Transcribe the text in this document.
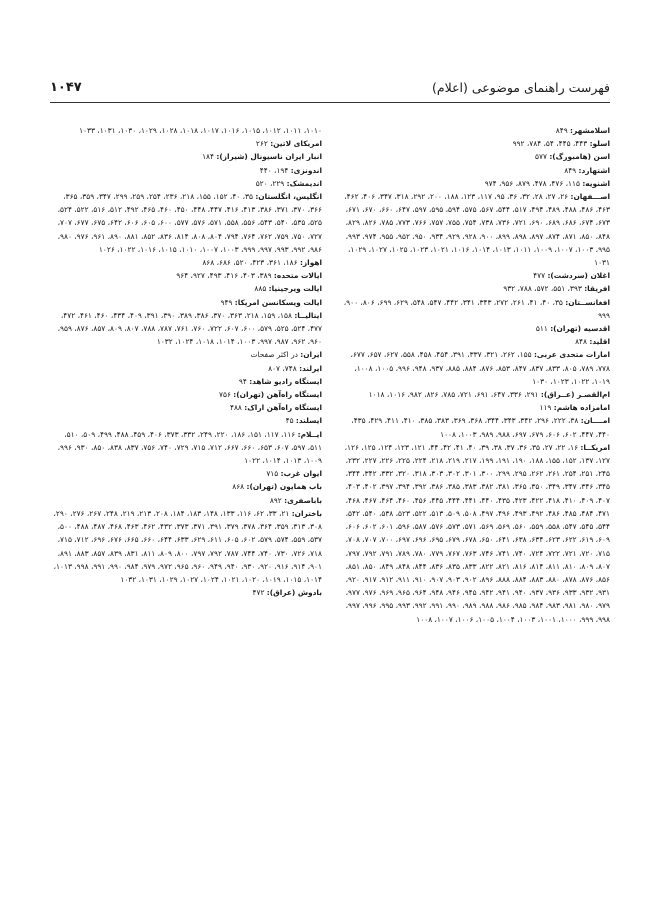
فهرست راهنمای موضوعی (اعلام)
۱۰۴۷

اسلامشهر: ۸۴۹

اسلو: ۴۴۳، ۴۴۵، ۵۴، ۷۸۴، ۹۹۲

اسن (هامبورگ): ۵۷۷

اشتهارد: ۸۴۹

اشنویه: ۱۱۵، ۴۷۶، ۴۷۸، ۸۷۹، ۹۵۶، ۹۷۴

اصـــفهان: ۲۶، ۲۷، ۲۸، ۳۲، ۳۶، ۹۵، ۱۱۷، ۱۲۳، ۱۸۸، ۲۰۰، ۲۹۲، ۳۱۸، ۳۴۷، ۴۰۶، ۴۶۲، ۴۶۳، ۴۸۶، ۴۸۸، ۴۸۹، ۴۹۴، ۵۱۷، ۵۴۴، ۵۶۷، ۵۷۵، ۵۹۴، ۵۹۵، ۵۹۷، ۶۴۷، ۶۶۰، ۶۷۰، ۶۷۱، ۶۷۳، ۶۷۴، ۶۸۶، ۶۸۹، ۶۹۰، ۷۲۱، ۷۳۶، ۷۳۸، ۷۵۴، ۷۵۵، ۷۵۷، ۷۶۶، ۷۷۳، ۷۸۵، ۸۲۶، ۸۲۹، ۸۴۸، ۸۵۰، ۸۷۱، ۸۷۴، ۸۹۷، ۸۹۸، ۸۹۹، ۹۰۰، ۹۲۸، ۹۲۹، ۹۳۴، ۹۵۰، ۹۵۲، ۹۵۵، ۹۷۴، ۹۹۳، ۹۹۵، ۱۰۰۳، ۱۰۰۷، ۱۰۰۹، ۱۰۱۱، ۱۰۱۳، ۱۰۱۴، ۱۰۱۶، ۱۰۲۱، ۱۰۲۳، ۱۰۲۵، ۱۰۲۷، ۱۰۲۹، ۱۰۳۱

اغلان (سردشت): ۴۷۷

افریقا: ۳۹۳، ۵۵۱، ۵۷۲، ۷۸۸، ۹۳۲

افغانســتان: ۳۵، ۴۰، ۴۱، ۲۶۱، ۲۷۲، ۳۴۳، ۳۴۱، ۴۴۲، ۵۴۷، ۵۴۸، ۶۲۹، ۶۹۹، ۸۰۶، ۹۰۰، ۹۹۹

اقدسیه (تهران): ۵۱۱

اقلید: ۸۴۸

امارات متحدی عربی: ۱۵۵، ۲۶۲، ۳۲۱، ۳۳۷، ۳۹۱، ۴۵۴، ۴۵۸، ۵۵۸، ۶۲۷، ۶۵۷، ۶۷۷، ۷۷۸، ۷۸۹، ۸۰۵، ۸۳۳، ۸۳۷، ۸۴۷، ۸۵۳، ۸۷۶، ۸۸۴، ۸۸۵، ۹۳۷، ۹۴۸، ۹۹۶، ۱۰۰۵، ۱۰۰۸، ۱۰۱۹، ۱۰۲۲، ۱۰۲۳، ۱۰۳۰

ام‌القصـر (عــراق): ۲۹۱، ۳۳۶، ۶۴۷، ۶۹۱، ۷۲۱، ۷۸۵، ۸۲۶، ۹۸۲، ۱۰۱۶، ۱۰۱۸

امامزاده هاشم: ۱۱۹

امــــان: ۳۸، ۲۲۲، ۲۹۶، ۳۴۲، ۳۴۳، ۳۴۴، ۳۶۸، ۳۶۹، ۳۸۳، ۳۸۵، ۴۱۰، ۴۱۱، ۴۲۹، ۴۳۵، ۴۴۰، ۴۴۷، ۶۰۲، ۶۰۶، ۶۷۹، ۶۹۷، ۹۸۸، ۹۸۹، ۱۰۰۳، ۱۰۰۸

امریکــا: ۱۶، ۲۲، ۲۷، ۳۵، ۳۶، ۳۷، ۳۸، ۳۹، ۴۰، ۴۱، ۴۲، ۴۴، ۱۲۱، ۱۲۳، ۱۲۴، ۱۲۵، ۱۲۶، ۱۲۷، ۱۳۷، ۱۵۲، ۱۵۵، ۱۸۸، ۱۹۰، ۱۹۱، ۱۹۹، ۲۱۷، ۲۱۹، ۲۱۸، ۲۲۴، ۲۲۵، ۲۲۶، ۲۲۷، ۲۳۲، ۲۴۵، ۲۵۱، ۲۵۴، ۲۶۱، ۲۶۲، ۲۹۵، ۲۹۹، ۳۰۰، ۳۰۱، ۳۰۲، ۳۰۳، ۳۱۸، ۳۲۰، ۳۳۲، ۳۴۲، ۳۴۴، ۳۴۵، ۳۴۶، ۳۴۷، ۳۴۹، ۳۵۰، ۳۶۵، ۳۸۱، ۳۸۲، ۳۸۳، ۳۸۵، ۳۸۶، ۳۹۲، ۳۹۴، ۳۹۷، ۴۰۲، ۴۰۳، ۴۰۷، ۴۰۹، ۴۱۰، ۴۱۸، ۴۲۲، ۴۲۳، ۴۳۵، ۴۴۰، ۴۴۱، ۴۴۴، ۴۴۵، ۴۵۶، ۴۶۰، ۴۶۴، ۴۶۷، ۴۶۸، ۴۷۱، ۴۸۴، ۴۸۵، ۴۸۶، ۴۹۲، ۴۹۳، ۴۹۶، ۴۹۷، ۵۰۸، ۵۰۹، ۵۱۳، ۵۲۲، ۵۲۳، ۵۳۸، ۵۴۰، ۵۴۲، ۵۴۴، ۵۴۵، ۵۴۷، ۵۵۸، ۵۵۹، ۵۶۰، ۵۶۹، ۵۶۹، ۵۷۱، ۵۷۳، ۵۷۶، ۵۸۷، ۵۹۶، ۶۰۱، ۶۰۲، ۶۰۶، ۶۰۹، ۶۱۹، ۶۲۲، ۶۲۳، ۶۳۴، ۶۳۸، ۶۴۱، ۶۵۰، ۶۷۸، ۶۷۹، ۶۹۵، ۶۹۶، ۶۹۷، ۷۰۰، ۷۰۷، ۷۰۸، ۷۱۵، ۷۲۰، ۷۲۱، ۷۲۲، ۷۲۴، ۷۴۰، ۷۴۱، ۷۴۶، ۷۶۳، ۷۶۷، ۷۷۹، ۷۸۰، ۷۸۹، ۷۹۱، ۷۹۲، ۷۹۷، ۸۰۷، ۸۰۹، ۸۱۰، ۸۱۱، ۸۱۴، ۸۱۶، ۸۲۱، ۸۲۲، ۸۳۳، ۸۳۵، ۸۳۶، ۸۴۴، ۸۴۸، ۸۴۹، ۸۵۰، ۸۵۱، ۸۵۶، ۸۷۶، ۸۷۸، ۸۸۰، ۸۸۳، ۸۸۴، ۸۸۸، ۸۹۶، ۹۰۲، ۹۰۳، ۹۰۷، ۹۱۰، ۹۱۱، ۹۱۲، ۹۱۷، ۹۲۰، ۹۳۱، ۹۳۲، ۹۳۳، ۹۳۶، ۹۳۷، ۹۴۰، ۹۴۱، ۹۴۲، ۹۴۵، ۹۴۶، ۹۴۸، ۹۶۴، ۹۶۵، ۹۶۹، ۹۷۶، ۹۷۷، ۹۷۹، ۹۸۰، ۹۸۱، ۹۸۳، ۹۸۴، ۹۸۵، ۹۸۶، ۹۸۸، ۹۸۹، ۹۹۰، ۹۹۱، ۹۹۲، ۹۹۳، ۹۹۵، ۹۹۶، ۹۹۷، ۹۹۸، ۹۹۹، ۱۰۰۰، ۱۰۰۱، ۱۰۰۳، ۱۰۰۴، ۱۰۰۵، ۱۰۰۶، ۱۰۰۷، ۱۰۰۸

۱۰۱۰، ۱۰۱۱، ۱۰۱۲، ۱۰۱۵، ۱۰۱۶، ۱۰۱۷، ۱۰۱۸، ۱۰۲۸، ۱۰۲۹، ۱۰۳۰، ۱۰۳۱، ۱۰۳۳

امریکای لاتین: ۲۶۲

انبار ایران ناسیونال (شیراز): ۱۸۴

اندونزی: ۱۹۴، ۴۴۰

اندیمشک: ۲۲۹، ۵۲۰

انگلیس، انگلستان: ۳۵، ۴۰، ۱۵۲، ۱۵۵، ۲۱۸، ۲۳۶، ۲۵۴، ۲۵۹، ۲۹۹، ۳۴۷، ۳۵۹، ۳۶۵، ۳۶۶، ۳۷۰، ۳۷۱، ۳۸۶، ۴۱۳، ۴۱۶، ۴۴۷، ۴۴۸، ۴۵۰، ۴۶۰، ۴۶۵، ۴۹۲، ۵۱۲، ۵۱۶، ۵۲۲، ۵۲۴، ۵۲۵، ۵۳۵، ۵۴۰، ۵۴۳، ۵۵۶، ۵۵۸، ۵۷۱، ۵۷۶، ۵۷۷، ۶۰۰، ۶۰۵، ۶۰۶، ۶۴۲، ۶۷۵، ۶۷۷، ۷۰۷، ۷۲۷، ۷۵۰، ۷۵۹، ۷۶۲، ۷۶۴، ۷۹۴، ۸۰۴، ۸۰۸، ۸۱۴، ۸۳۶، ۸۵۲، ۸۸۱، ۸۹۰، ۹۶۱، ۹۷۶، ۹۸۰، ۹۸۶، ۹۹۲، ۹۹۳، ۹۹۷، ۹۹۹، ۱۰۰۳، ۱۰۰۷، ۱۰۱۰، ۱۰۱۵، ۱۰۱۶، ۱۰۲۲، ۱۰۲۶

اهواز: ۱۸۶، ۳۶۱، ۴۲۳، ۵۲۰، ۶۸۶، ۸۶۸

ایالات متحده: ۳۸۹، ۴۰۳، ۴۱۶، ۴۹۳، ۹۲۷، ۹۶۴

ایالت ویرجینیا: ۸۸۵

ایالت ویسکانسن امریکا: ۹۴۹

ایتالیــا: ۱۵۸، ۱۵۹، ۲۱۸، ۳۶۳، ۳۷۰، ۳۸۶، ۳۸۹، ۳۹۰، ۳۹۱، ۴۰۹، ۴۳۴، ۴۶۰، ۴۶۱، ۴۷۲، ۴۷۷، ۵۲۴، ۵۲۵، ۵۷۹، ۶۰۰، ۶۰۷، ۷۲۲، ۷۶۰، ۷۶۱، ۷۸۷، ۷۸۸، ۸۰۷، ۸۰۹، ۸۵۷، ۸۷۶، ۹۵۹، ۹۶۰، ۹۶۲، ۹۸۷، ۹۹۷، ۱۰۰۳، ۱۰۱۴، ۱۰۱۸، ۱۰۲۴، ۱۰۳۲

ایران: در اکثر صفحات

ایرلند: ۷۴۸، ۸۰۷

ایستگاه رادیو شاهد: ۹۴

ایستگاه راه‌آهن (تهران): ۷۵۶

ایستگاه راه‌آهن اراک: ۴۸۸

ایسلند: ۴۵

ایــلام: ۱۱۶، ۱۱۷، ۱۵۱، ۱۸۶، ۲۲۰، ۲۴۹، ۳۳۲، ۳۷۳، ۴۰۶، ۴۵۹، ۴۸۸، ۴۹۹، ۵۰۹، ۵۱۰، ۵۱۱، ۵۹۷، ۶۰۷، ۶۵۳، ۶۶۰، ۶۶۷، ۷۱۲، ۷۱۵، ۷۲۹، ۷۴۰، ۷۵۶، ۸۳۷، ۸۳۸، ۸۵۰، ۹۳۰، ۹۹۶، ۱۰۰۹، ۱۰۱۳، ۱۰۱۴، ۱۰۲۲

ایوان غرب: ۷۱۵

باب همایون (تهران): ۸۶۸

باباصفری: ۸۹۲

باختران: ۲۱، ۳۳، ۶۲، ۱۱۶، ۱۳۳، ۱۴۸، ۱۸۳، ۱۸۴، ۲۰۸، ۲۱۳، ۲۱۹، ۲۴۸، ۲۶۷، ۲۷۶، ۲۹۰، ۳۰۸، ۳۱۳، ۳۵۹، ۳۶۴، ۳۷۸، ۳۷۹، ۳۹۱، ۳۷۱، ۳۷۳، ۴۳۲، ۴۶۲، ۴۶۳، ۴۶۸، ۴۸۷، ۴۸۸، ۵۰۰، ۵۳۷، ۵۵۹، ۵۷۴، ۵۷۹، ۶۰۲، ۶۰۵، ۶۱۱، ۶۲۹، ۶۳۳، ۶۴۴، ۶۶۰، ۶۶۵، ۶۷۶، ۶۹۶، ۷۱۲، ۷۱۵، ۷۱۸، ۷۲۶، ۷۳۰، ۷۴۰، ۷۴۴، ۷۸۷، ۷۹۲، ۷۹۷، ۸۰۰، ۸۰۹، ۸۱۱، ۸۳۱، ۸۳۹، ۸۵۷، ۸۸۳، ۸۹۱، ۹۰۱، ۹۱۴، ۹۱۶، ۹۲۰، ۹۳۰، ۹۴۰، ۹۴۹، ۹۶۰، ۹۶۵، ۹۷۲، ۹۷۹، ۹۸۴، ۹۹۰، ۹۹۱، ۹۹۸، ۱۰۱۳، ۱۰۱۴، ۱۰۱۵، ۱۰۱۹، ۱۰۲۰، ۱۰۲۱، ۱۰۲۴، ۱۰۲۷، ۱۰۲۹، ۱۰۳۱، ۱۰۳۲

بادوش (عراق): ۴۷۲
